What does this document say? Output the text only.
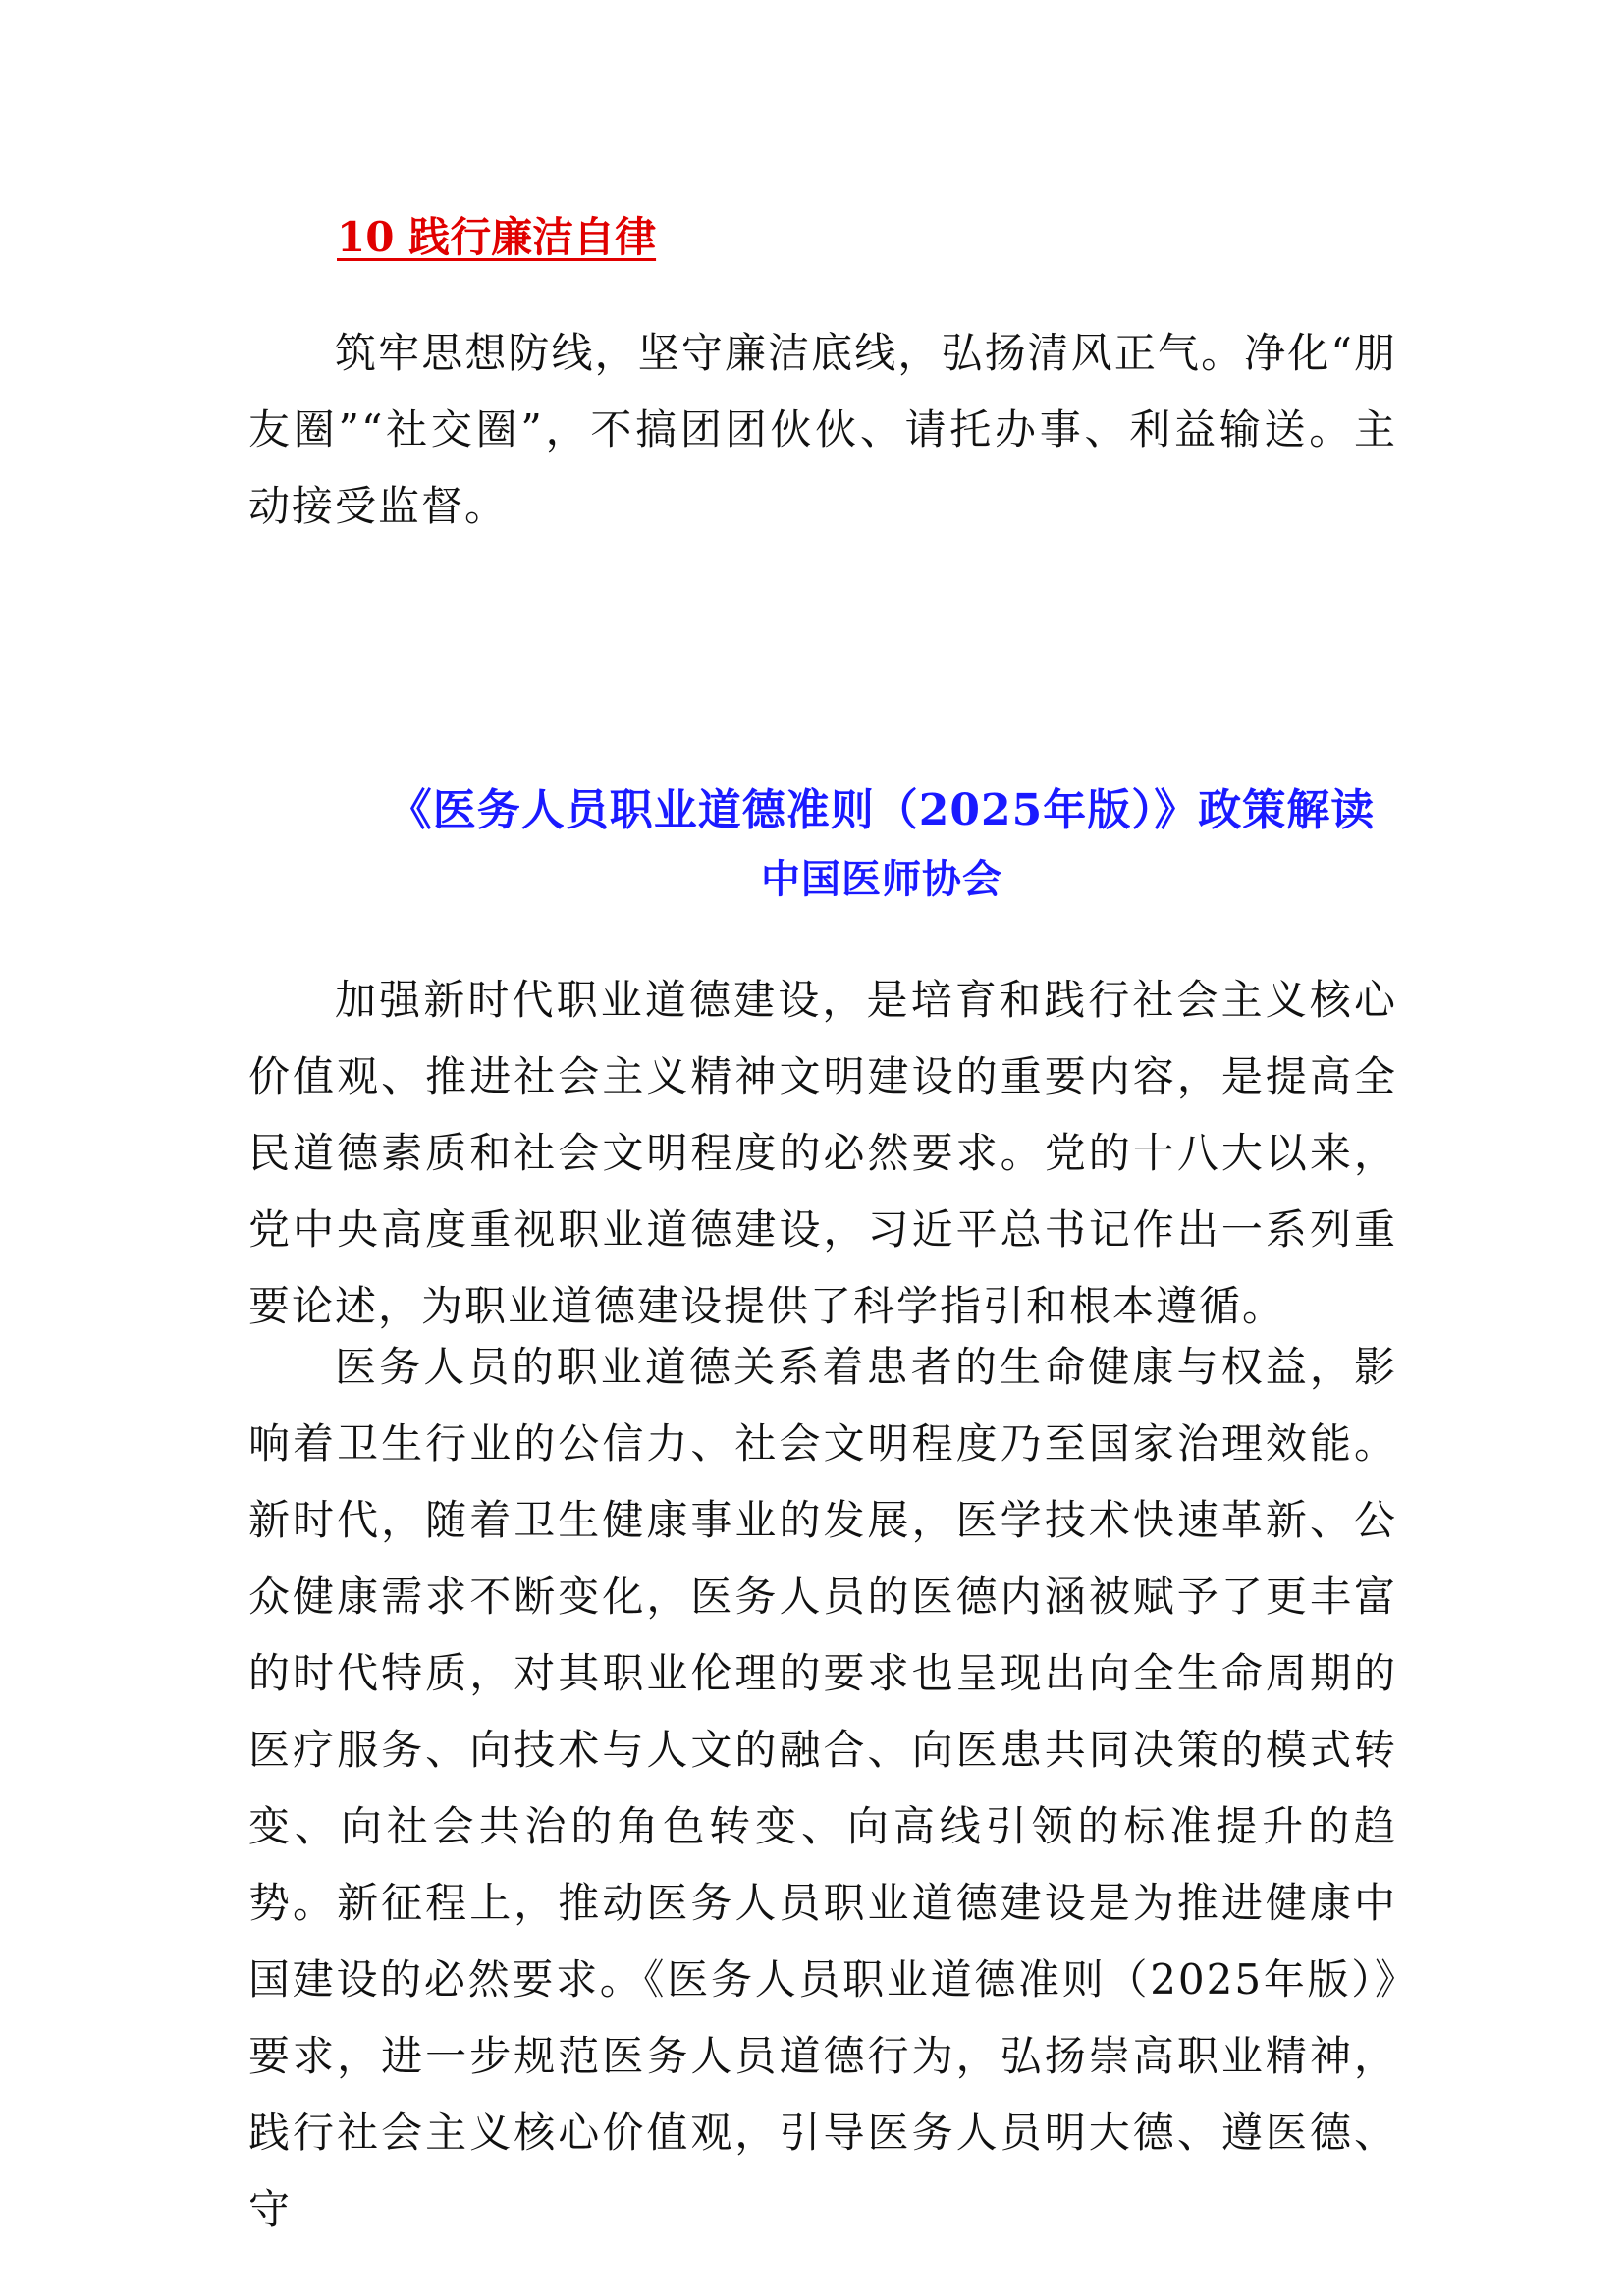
10 践行廉洁自律

筑牢思想防线，坚守廉洁底线，弘扬清风正气。净化“朋友圈”“社交圈”，不搞团团伙伙、请托办事、利益输送。主动接受监督。

《医务人员职业道德准则（2025年版）》政策解读
中国医师协会

加强新时代职业道德建设，是培育和践行社会主义核心价值观、推进社会主义精神文明建设的重要内容，是提高全民道德素质和社会文明程度的必然要求。党的十八大以来，党中央高度重视职业道德建设，习近平总书记作出一系列重要论述，为职业道德建设提供了科学指引和根本遵循。

医务人员的职业道德关系着患者的生命健康与权益，影响着卫生行业的公信力、社会文明程度乃至国家治理效能。新时代，随着卫生健康事业的发展，医学技术快速革新、公众健康需求不断变化，医务人员的医德内涵被赋予了更丰富的时代特质，对其职业伦理的要求也呈现出向全生命周期的医疗服务、向技术与人文的融合、向医患共同决策的模式转变、向社会共治的角色转变、向高线引领的标准提升的趋势。新征程上，推动医务人员职业道德建设是为推进健康中国建设的必然要求。《医务人员职业道德准则（2025年版）》要求，进一步规范医务人员道德行为，弘扬崇高职业精神，践行社会主义核心价值观，引导医务人员明大德、遵医德、守
